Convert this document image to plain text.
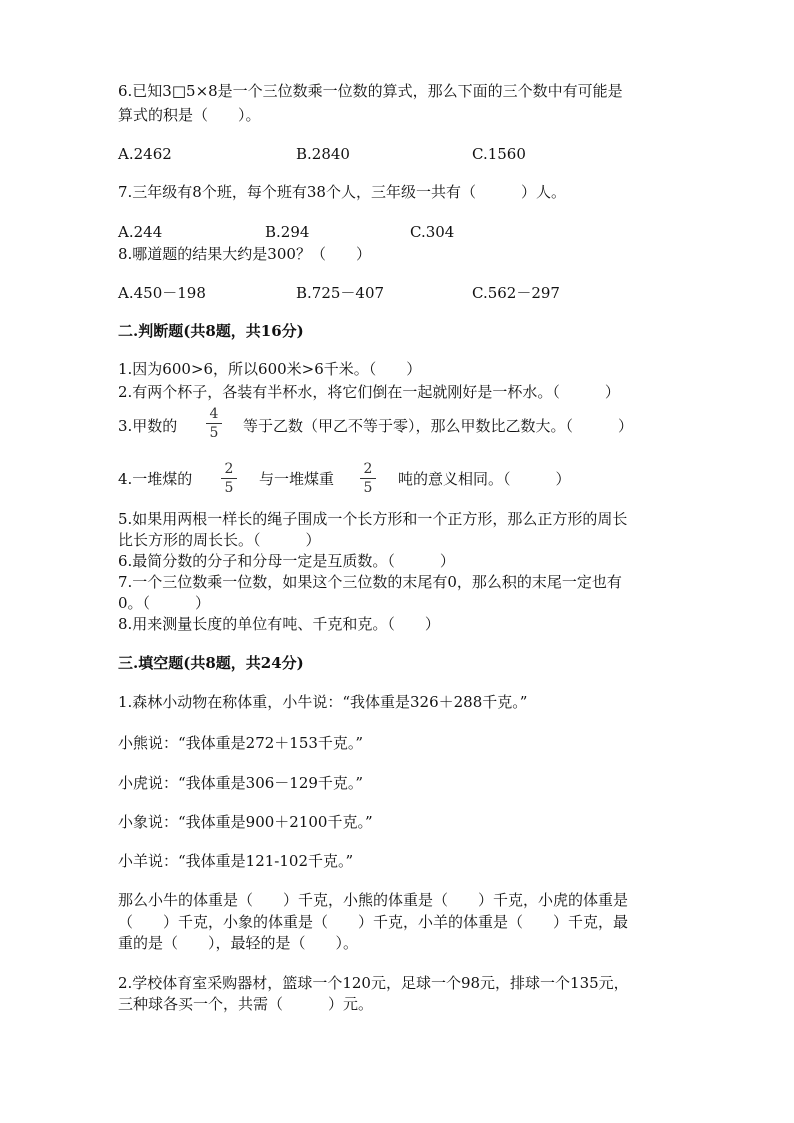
6.已知3□5×8是一个三位数乘一位数的算式，那么下面的三个数中有可能是
算式的积是（　　）。
A.2462	B.2840	C.1560
7.三年级有8个班，每个班有38个人，三年级一共有（　　　）人。
A.244	B.294	C.304
8.哪道题的结果大约是300？（　　）
A.450－198	B.725－407	C.562－297
二.判断题(共8题，共16分)
1.因为600>6，所以600米>6千米。（　　）
2.有两个杯子，各装有半杯水，将它们倒在一起就刚好是一杯水。（　　　）
3.甲数的
4
5 等于乙数（甲乙不等于零），那么甲数比乙数大。（　　　）
4.一堆煤的
2
5 与一堆煤重
2
5 吨的意义相同。（　　　）
5.如果用两根一样长的绳子围成一个长方形和一个正方形，那么正方形的周长
比长方形的周长长。（　　　）
6.最简分数的分子和分母一定是互质数。（　　　）
7.一个三位数乘一位数，如果这个三位数的末尾有0，那么积的末尾一定也有
0。（　　　）
8.用来测量长度的单位有吨、千克和克。（　　）
三.填空题(共8题，共24分)
1.森林小动物在称体重，小牛说：“我体重是326＋288千克。”
小熊说：“我体重是272＋153千克。”
小虎说：“我体重是306－129千克。”
小象说：“我体重是900＋2100千克。”
小羊说：“我体重是121-102千克。”
那么小牛的体重是（　　）千克，小熊的体重是（　　）千克，小虎的体重是
（　　）千克，小象的体重是（　　）千克，小羊的体重是（　　）千克，最
重的是（　　），最轻的是（　　）。
2.学校体育室采购器材，篮球一个120元，足球一个98元，排球一个135元，
三种球各买一个，共需（　　　）元。
